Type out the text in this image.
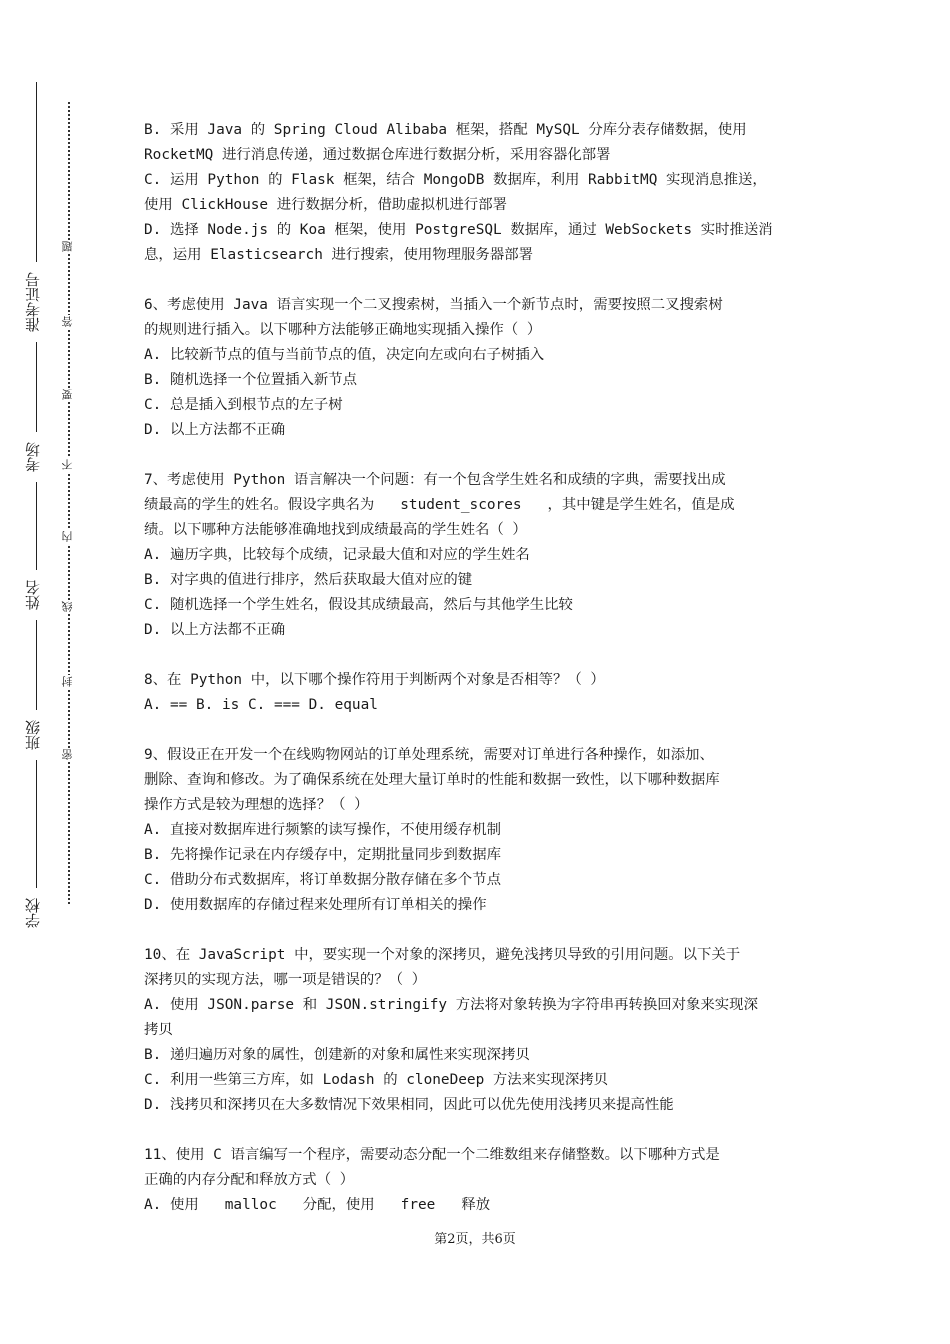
准考证号
考场
姓名
班级
学校
题
答
要
不
内
线
封
密
B. 采用 Java 的 Spring Cloud Alibaba 框架，搭配 MySQL 分库分表存储数据，使用
RocketMQ 进行消息传递，通过数据仓库进行数据分析，采用容器化部署
C. 运用 Python 的 Flask 框架，结合 MongoDB 数据库，利用 RabbitMQ 实现消息推送，
使用 ClickHouse 进行数据分析，借助虚拟机进行部署
D. 选择 Node.js 的 Koa 框架，使用 PostgreSQL 数据库，通过 WebSockets 实时推送消
息，运用 Elasticsearch 进行搜索，使用物理服务器部署
6、考虑使用 Java 语言实现一个二叉搜索树，当插入一个新节点时，需要按照二叉搜索树
的规则进行插入。以下哪种方法能够正确地实现插入操作（ ）
A. 比较新节点的值与当前节点的值，决定向左或向右子树插入
B. 随机选择一个位置插入新节点
C. 总是插入到根节点的左子树
D. 以上方法都不正确
7、考虑使用 Python 语言解决一个问题：有一个包含学生姓名和成绩的字典，需要找出成
绩最高的学生的姓名。假设字典名为   student_scores   ，其中键是学生姓名，值是成
绩。以下哪种方法能够准确地找到成绩最高的学生姓名（ ）
A. 遍历字典，比较每个成绩，记录最大值和对应的学生姓名
B. 对字典的值进行排序，然后获取最大值对应的键
C. 随机选择一个学生姓名，假设其成绩最高，然后与其他学生比较
D. 以上方法都不正确
8、在 Python 中，以下哪个操作符用于判断两个对象是否相等？（ ）
A. == B. is C. === D. equal
9、假设正在开发一个在线购物网站的订单处理系统，需要对订单进行各种操作，如添加、
删除、查询和修改。为了确保系统在处理大量订单时的性能和数据一致性，以下哪种数据库
操作方式是较为理想的选择？（ ）
A. 直接对数据库进行频繁的读写操作，不使用缓存机制
B. 先将操作记录在内存缓存中，定期批量同步到数据库
C. 借助分布式数据库，将订单数据分散存储在多个节点
D. 使用数据库的存储过程来处理所有订单相关的操作
10、在 JavaScript 中，要实现一个对象的深拷贝，避免浅拷贝导致的引用问题。以下关于
深拷贝的实现方法，哪一项是错误的？（ ）
A. 使用 JSON.parse 和 JSON.stringify 方法将对象转换为字符串再转换回对象来实现深
拷贝
B. 递归遍历对象的属性，创建新的对象和属性来实现深拷贝
C. 利用一些第三方库，如 Lodash 的 cloneDeep 方法来实现深拷贝
D. 浅拷贝和深拷贝在大多数情况下效果相同，因此可以优先使用浅拷贝来提高性能
11、使用 C 语言编写一个程序，需要动态分配一个二维数组来存储整数。以下哪种方式是
正确的内存分配和释放方式（ ）
A. 使用   malloc   分配，使用   free   释放
第2页，共6页
